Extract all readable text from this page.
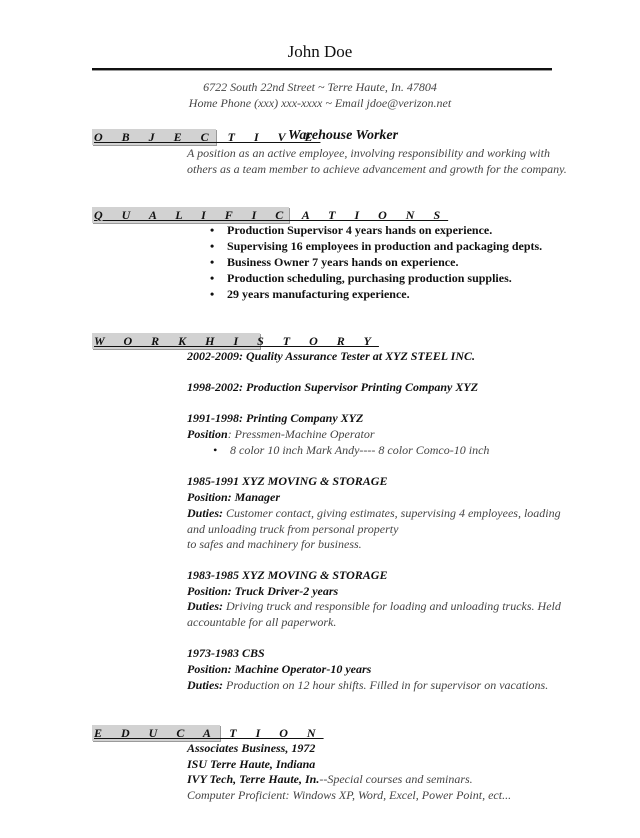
John Doe
6722 South 22nd Street ~ Terre Haute, In. 47804
Home Phone (xxx) xxx-xxxx ~ Email jdoe@verizon.net
O B J E C T I V E
Warehouse Worker
A position as an active employee, involving responsibility and working with others as a team member to achieve advancement and growth for the company.
Q U A L I F I C A T I O N S
• Production Supervisor 4 years hands on experience.
• Supervising 16 employees in production and packaging depts.
• Business Owner 7 years hands on experience.
• Production scheduling, purchasing production supplies.
• 29 years manufacturing experience.
W O R K H I S T O R Y
2002-2009: Quality Assurance Tester at XYZ STEEL INC.
1998-2002: Production Supervisor Printing Company XYZ
1991-1998: Printing Company XYZ
Position: Pressmen-Machine Operator
• 8 color 10 inch Mark Andy---- 8 color Comco-10 inch
1985-1991 XYZ MOVING & STORAGE
Position: Manager
Duties: Customer contact, giving estimates, supervising 4 employees, loading and unloading truck from personal property
to safes and machinery for business.
1983-1985 XYZ MOVING & STORAGE
Position: Truck Driver-2 years
Duties: Driving truck and responsible for loading and unloading trucks. Held accountable for all paperwork.
1973-1983 CBS
Position: Machine Operator-10 years
Duties: Production on 12 hour shifts. Filled in for supervisor on vacations.
E D U C A T I O N
Associates Business, 1972
ISU Terre Haute, Indiana
IVY Tech, Terre Haute, In.--Special courses and seminars.
Computer Proficient: Windows XP, Word, Excel, Power Point, ect...
